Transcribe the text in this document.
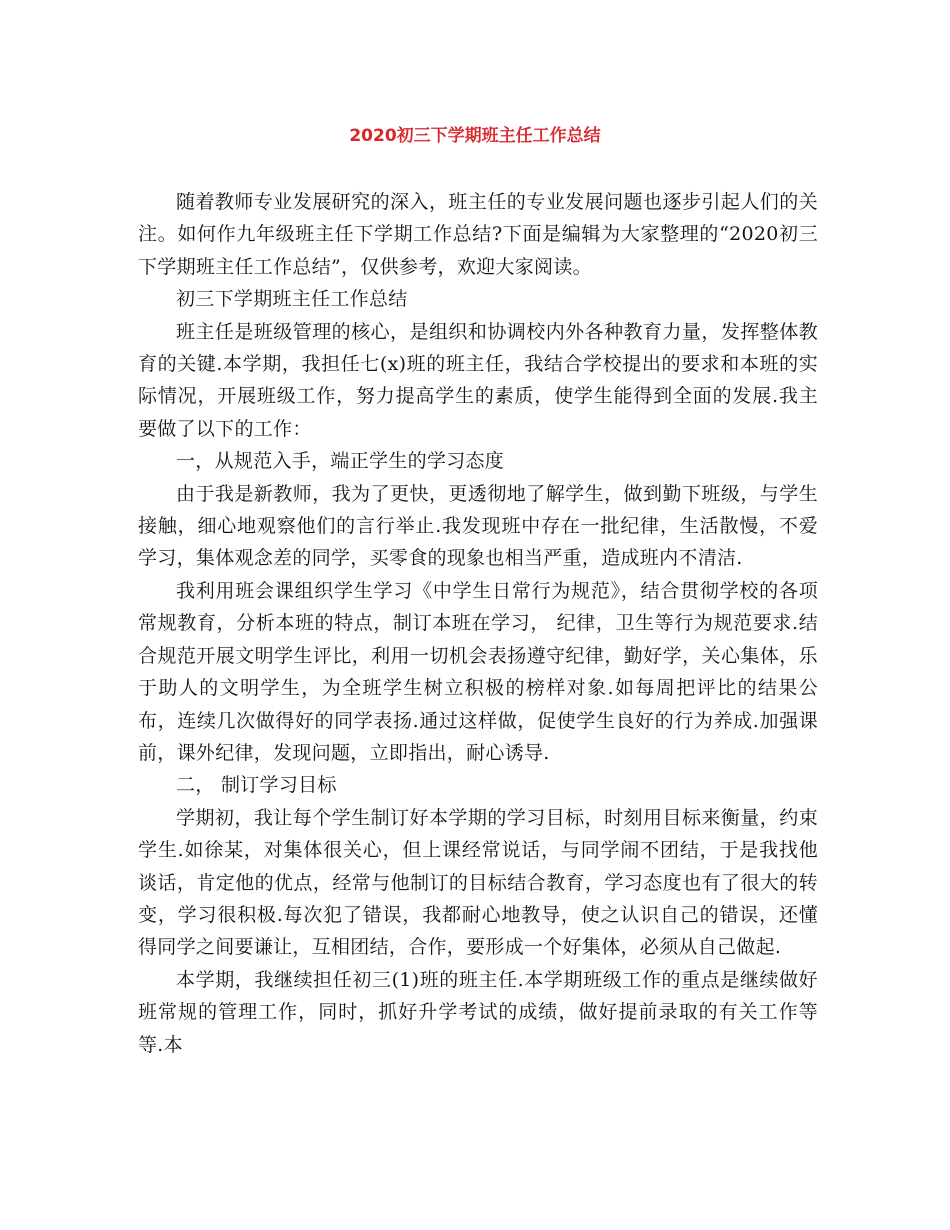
2020初三下学期班主任工作总结

随着教师专业发展研究的深入，班主任的专业发展问题也逐步引起人们的关注。如何作九年级班主任下学期工作总结?下面是编辑为大家整理的“2020初三下学期班主任工作总结”，仅供参考，欢迎大家阅读。

初三下学期班主任工作总结

班主任是班级管理的核心，是组织和协调校内外各种教育力量，发挥整体教育的关键.本学期，我担任七(x)班的班主任，我结合学校提出的要求和本班的实际情况，开展班级工作，努力提高学生的素质，使学生能得到全面的发展.我主要做了以下的工作：

一，从规范入手，端正学生的学习态度

由于我是新教师，我为了更快，更透彻地了解学生，做到勤下班级，与学生接触，细心地观察他们的言行举止.我发现班中存在一批纪律，生活散慢，不爱学习，集体观念差的同学，买零食的现象也相当严重，造成班内不清洁.

我利用班会课组织学生学习《中学生日常行为规范》，结合贯彻学校的各项常规教育，分析本班的特点，制订本班在学习， 纪律，卫生等行为规范要求.结合规范开展文明学生评比，利用一切机会表扬遵守纪律，勤好学，关心集体，乐于助人的文明学生，为全班学生树立积极的榜样对象.如每周把评比的结果公布，连续几次做得好的同学表扬.通过这样做，促使学生良好的行为养成.加强课前，课外纪律，发现问题，立即指出，耐心诱导.

二， 制订学习目标

学期初，我让每个学生制订好本学期的学习目标，时刻用目标来衡量，约束学生.如徐某，对集体很关心，但上课经常说话，与同学闹不团结，于是我找他谈话，肯定他的优点，经常与他制订的目标结合教育，学习态度也有了很大的转变，学习很积极.每次犯了错误，我都耐心地教导，使之认识自己的错误，还懂得同学之间要谦让，互相团结，合作，要形成一个好集体，必须从自己做起.

本学期，我继续担任初三(1)班的班主任.本学期班级工作的重点是继续做好班常规的管理工作，同时，抓好升学考试的成绩，做好提前录取的有关工作等等.本
